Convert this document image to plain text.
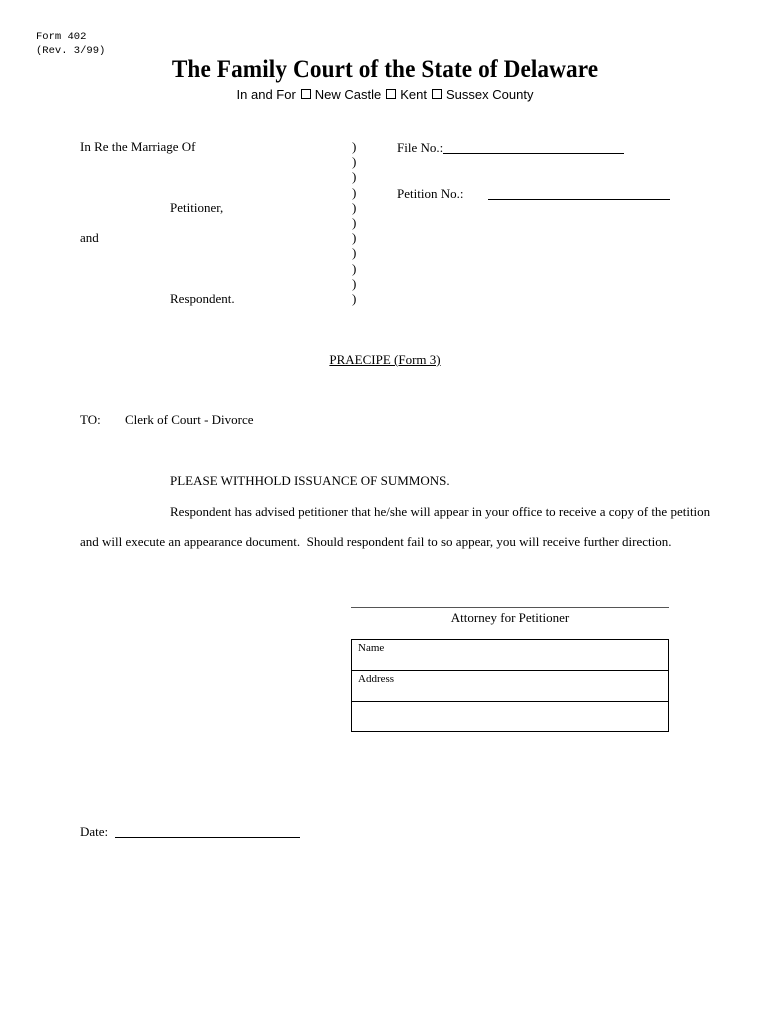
Form 402
(Rev. 3/99)
The Family Court of the State of Delaware
In and For New Castle Kent Sussex County
In Re the Marriage Of
Petitioner,
and
Respondent.
)
)
)
)
)
)
)
)
)
)
)
File No.:
Petition No.:
PRAECIPE (Form 3)
TO: Clerk of Court - Divorce
PLEASE WITHHOLD ISSUANCE OF SUMMONS.
Respondent has advised petitioner that he/she will appear in your office to receive a copy of the petition
and will execute an appearance document.  Should respondent fail to so appear, you will receive further direction.
Attorney for Petitioner
Name
Address
Date:
